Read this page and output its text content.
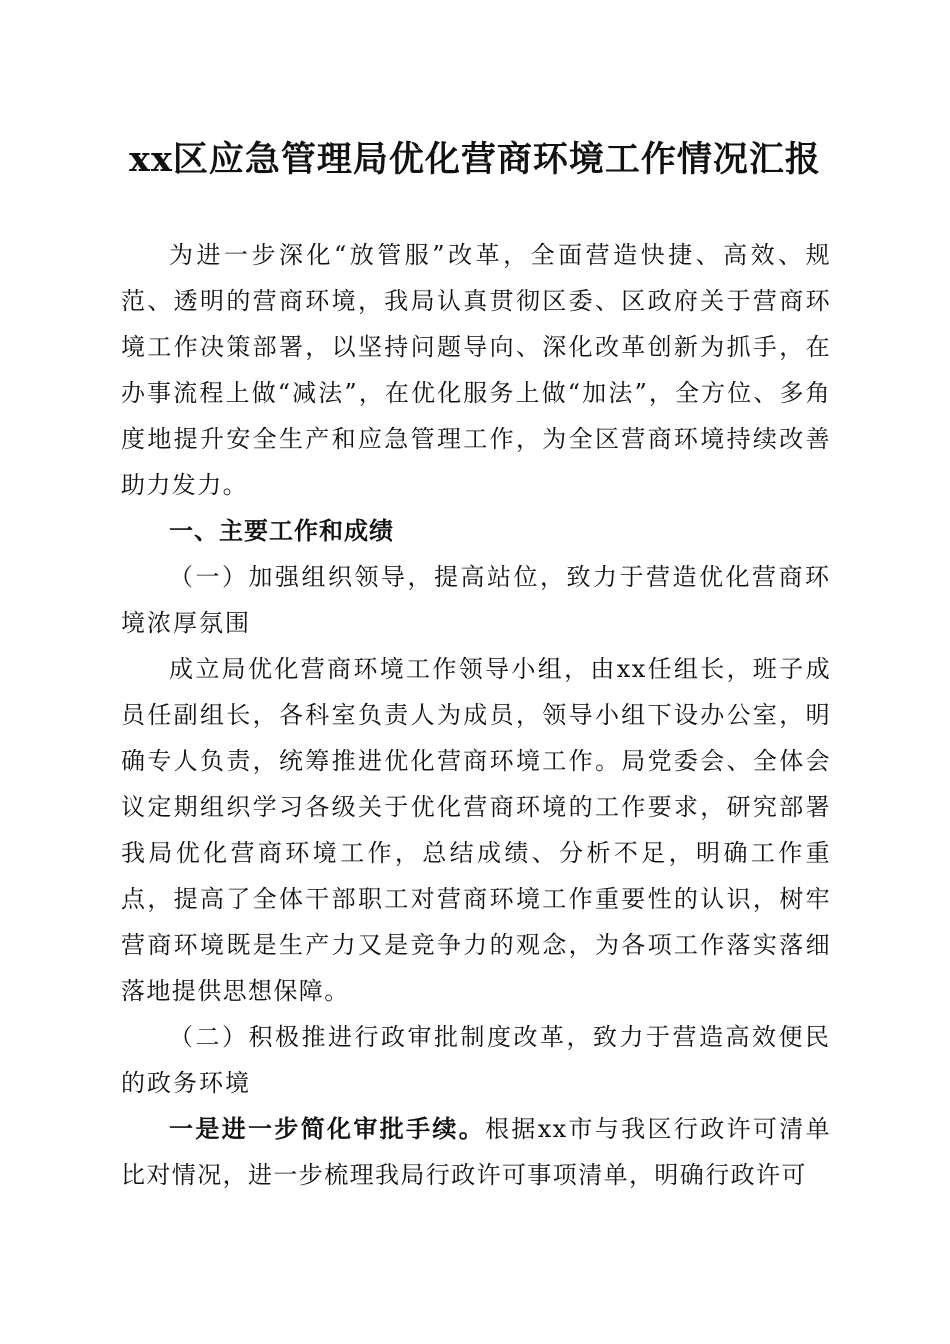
xx区应急管理局优化营商环境工作情况汇报

为进一步深化“放管服”改革，全面营造快捷、高效、规范、透明的营商环境，我局认真贯彻区委、区政府关于营商环境工作决策部署，以坚持问题导向、深化改革创新为抓手，在办事流程上做“减法”，在优化服务上做“加法”，全方位、多角度地提升安全生产和应急管理工作，为全区营商环境持续改善助力发力。

一、主要工作和成绩

（一）加强组织领导，提高站位，致力于营造优化营商环境浓厚氛围

成立局优化营商环境工作领导小组，由xx任组长，班子成员任副组长，各科室负责人为成员，领导小组下设办公室，明确专人负责，统筹推进优化营商环境工作。局党委会、全体会议定期组织学习各级关于优化营商环境的工作要求，研究部署我局优化营商环境工作，总结成绩、分析不足，明确工作重点，提高了全体干部职工对营商环境工作重要性的认识，树牢营商环境既是生产力又是竞争力的观念，为各项工作落实落细落地提供思想保障。

（二）积极推进行政审批制度改革，致力于营造高效便民的政务环境

一是进一步简化审批手续。根据xx市与我区行政许可清单比对情况，进一步梳理我局行政许可事项清单，明确行政许可
